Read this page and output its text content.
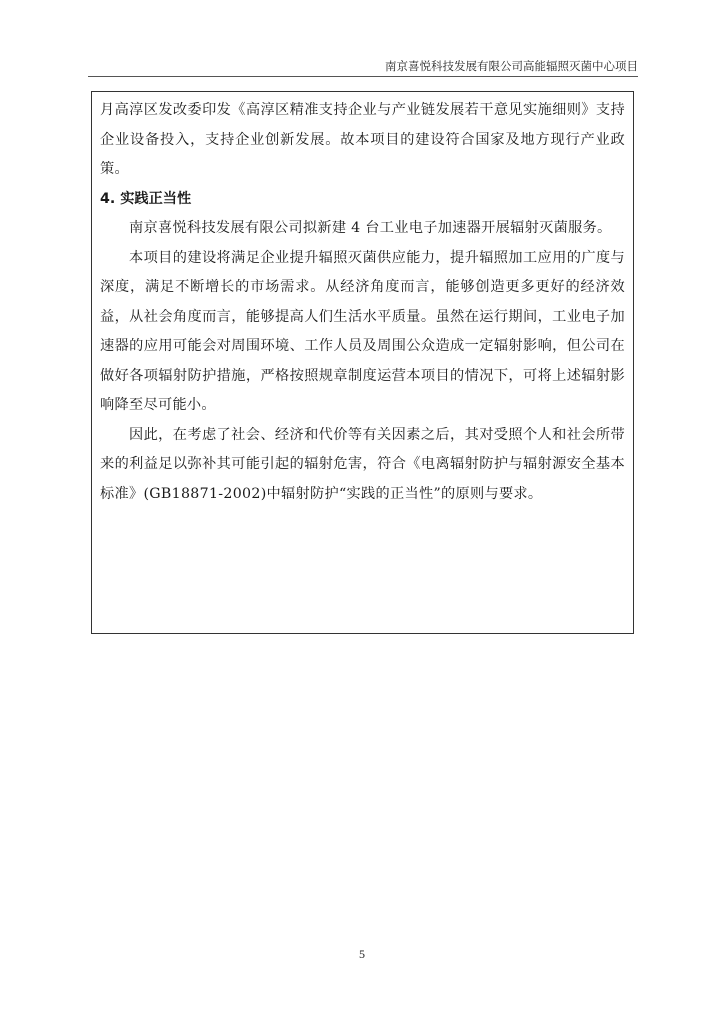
南京喜悦科技发展有限公司高能辐照灭菌中心项目

月高淳区发改委印发《高淳区精准支持企业与产业链发展若干意见实施细则》支持企业设备投入，支持企业创新发展。故本项目的建设符合国家及地方现行产业政策。

4. 实践正当性

南京喜悦科技发展有限公司拟新建 4 台工业电子加速器开展辐射灭菌服务。

本项目的建设将满足企业提升辐照灭菌供应能力，提升辐照加工应用的广度与深度，满足不断增长的市场需求。从经济角度而言，能够创造更多更好的经济效益，从社会角度而言，能够提高人们生活水平质量。虽然在运行期间，工业电子加速器的应用可能会对周围环境、工作人员及周围公众造成一定辐射影响，但公司在做好各项辐射防护措施，严格按照规章制度运营本项目的情况下，可将上述辐射影响降至尽可能小。

因此，在考虑了社会、经济和代价等有关因素之后，其对受照个人和社会所带来的利益足以弥补其可能引起的辐射危害，符合《电离辐射防护与辐射源安全基本标准》(GB18871-2002)中辐射防护“实践的正当性”的原则与要求。

5
